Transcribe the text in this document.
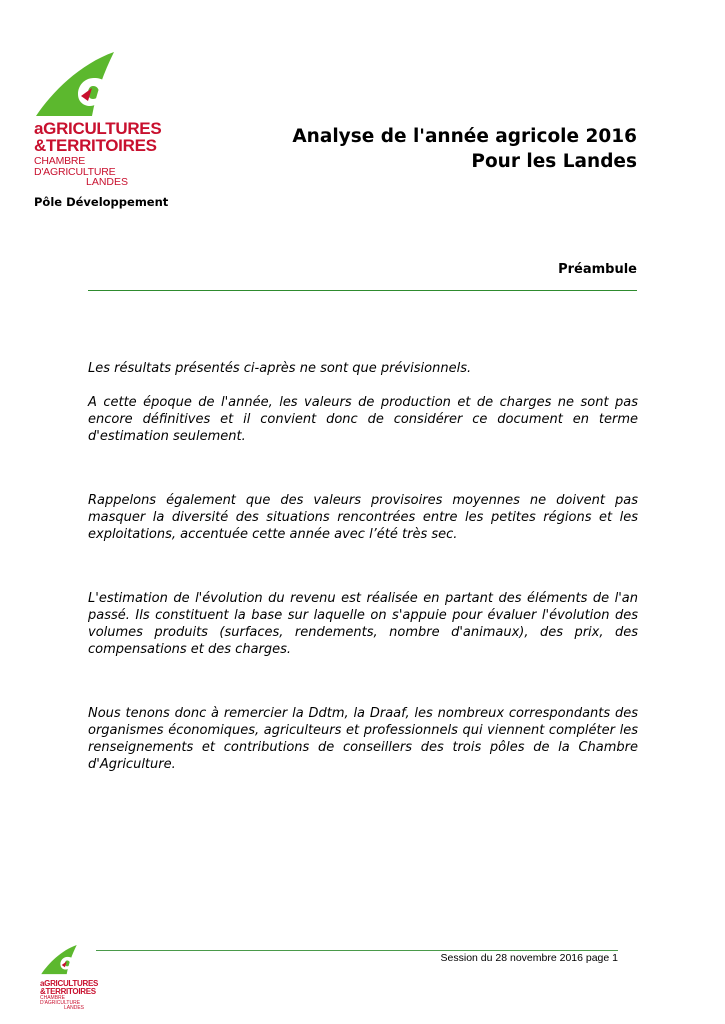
aGRICULTURES
&TERRITOIRES
CHAMBRE D'AGRICULTURE
LANDES
Pôle Développement
Analyse de l'année agricole 2016
Pour les Landes
Préambule

Les résultats présentés ci-après ne sont que prévisionnels.

A cette époque de l'année, les valeurs de production et de charges ne sont pas encore définitives et il convient donc de considérer ce document en terme d'estimation seulement.

Rappelons également que des valeurs provisoires moyennes ne doivent pas masquer la diversité des situations rencontrées entre les petites régions et les exploitations, accentuée cette année avec l’été très sec.

L'estimation de l'évolution du revenu est réalisée en partant des éléments de l'an passé. Ils constituent la base sur laquelle on s'appuie pour évaluer l'évolution des volumes produits (surfaces, rendements, nombre d'animaux), des prix, des compensations et des charges.

Nous tenons donc à remercier la Ddtm, la Draaf, les nombreux correspondants des organismes économiques, agriculteurs et professionnels qui viennent compléter les renseignements et contributions de conseillers des trois pôles de la Chambre d'Agriculture.

Session du 28 novembre 2016 page 1
aGRICULTURES
&TERRITOIRES
CHAMBRE D'AGRICULTURE
LANDES
